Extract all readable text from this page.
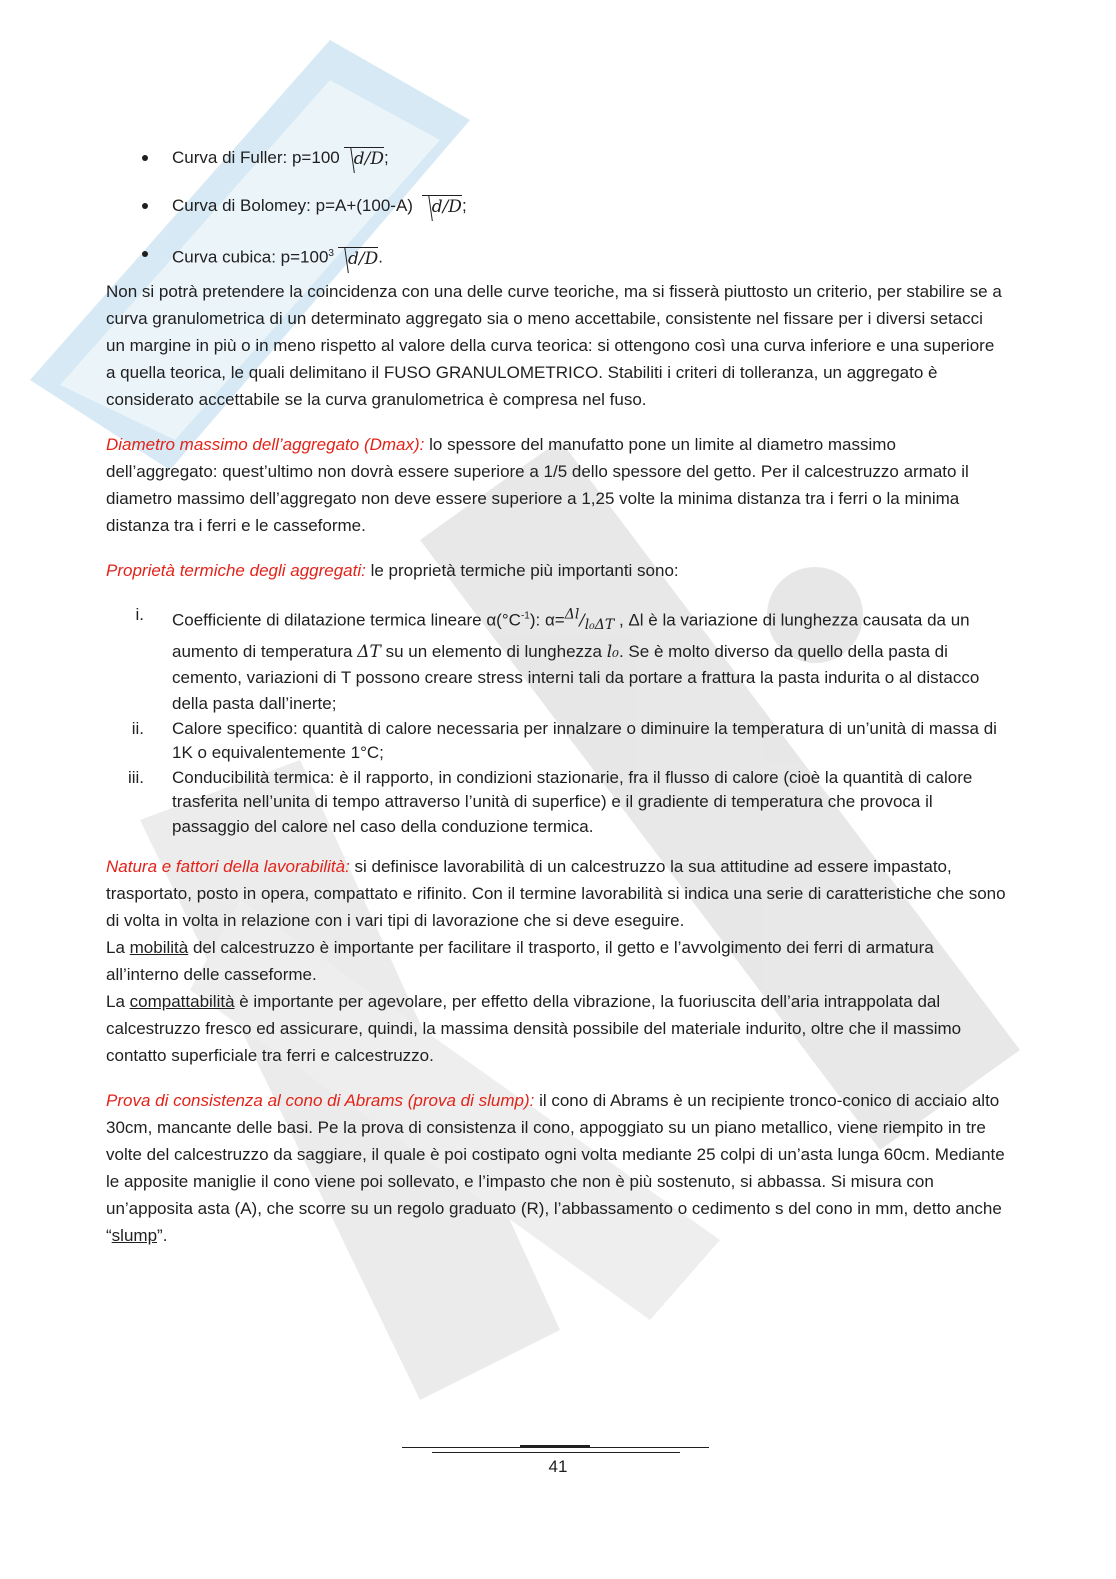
Curva di Fuller: p=100 d/D;
Curva di Bolomey: p=A+(100-A) d/D;
Curva cubica: $p=100^3$ d/D.

Non si potrà pretendere la coincidenza con una delle curve teoriche, ma si fisserà piuttosto un criterio, per stabilire se a curva granulometrica di un determinato aggregato sia o meno accettabile, consistente nel fissare per i diversi setacci un margine in più o in meno rispetto al valore della curva teorica: si ottengono così una curva inferiore e una superiore a quella teorica, le quali delimitano il FUSO GRANULOMETRICO. Stabiliti i criteri di tolleranza, un aggregato è considerato accettabile se la curva granulometrica è compresa nel fuso.

Diametro massimo dell’aggregato (Dmax): lo spessore del manufatto pone un limite al diametro massimo dell’aggregato: quest’ultimo non dovrà essere superiore a 1/5 dello spessore del getto. Per il calcestruzzo armato il diametro massimo dell’aggregato non deve essere superiore a 1,25 volte la minima distanza tra i ferri o la minima distanza tra i ferri e le casseforme.

Proprietà termiche degli aggregati: le proprietà termiche più importanti sono:

i. Coefficiente di dilatazione termica lineare $\alpha(^\circ C^{-1})$: $\alpha=^{\Delta l}/_{l_0\Delta T}$ , Δl è la variazione di lunghezza causata da un aumento di temperatura ΔT su un elemento di lunghezza l₀. Se è molto diverso da quello della pasta di cemento, variazioni di T possono creare stress interni tali da portare a frattura la pasta indurita o al distacco della pasta dall’inerte;
ii. Calore specifico: quantità di calore necessaria per innalzare o diminuire la temperatura di un’unità di massa di 1K o equivalentemente 1°C;
iii. Conducibilità termica: è il rapporto, in condizioni stazionarie, fra il flusso di calore (cioè la quantità di calore trasferita nell’unita di tempo attraverso l’unità di superfice) e il gradiente di temperatura che provoca il passaggio del calore nel caso della conduzione termica.

Natura e fattori della lavorabilità: si definisce lavorabilità di un calcestruzzo la sua attitudine ad essere impastato, trasportato, posto in opera, compattato e rifinito. Con il termine lavorabilità si indica una serie di caratteristiche che sono di volta in volta in relazione con i vari tipi di lavorazione che si deve eseguire.

La mobilità del calcestruzzo è importante per facilitare il trasporto, il getto e l’avvolgimento dei ferri di armatura all’interno delle casseforme.

La compattabilità è importante per agevolare, per effetto della vibrazione, la fuoriuscita dell’aria intrappolata dal calcestruzzo fresco ed assicurare, quindi, la massima densità possibile del materiale indurito, oltre che il massimo contatto superficiale tra ferri e calcestruzzo.

Prova di consistenza al cono di Abrams (prova di slump): il cono di Abrams è un recipiente tronco-conico di acciaio alto 30cm, mancante delle basi. Pe la prova di consistenza il cono, appoggiato su un piano metallico, viene riempito in tre volte del calcestruzzo da saggiare, il quale è poi costipato ogni volta mediante 25 colpi di un’asta lunga 60cm. Mediante le apposite maniglie il cono viene poi sollevato, e l’impasto che non è più sostenuto, si abbassa. Si misura con un’apposita asta (A), che scorre su un regolo graduato (R), l’abbassamento o cedimento s del cono in mm, detto anche “slump”.

41
